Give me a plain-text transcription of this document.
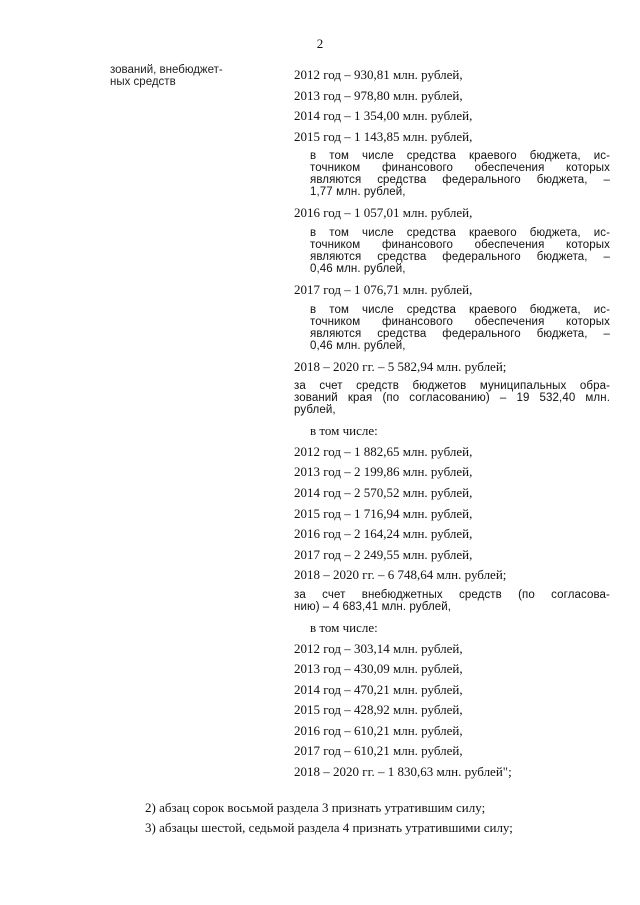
2
зований, внебюджет-
ных средств	2012 год – 930,81 млн. рублей,
2013 год – 978,80 млн. рублей,
2014 год – 1 354,00 млн. рублей,
2015 год – 1 143,85 млн. рублей,
в том числе средства краевого бюджета, ис-
точником финансового обеспечения которых
являются средства федерального бюджета, –
1,77 млн. рублей,
2016 год – 1 057,01 млн. рублей,
в том числе средства краевого бюджета, ис-
точником финансового обеспечения которых
являются средства федерального бюджета, –
0,46 млн. рублей,
2017 год – 1 076,71 млн. рублей,
в том числе средства краевого бюджета, ис-
точником финансового обеспечения которых
являются средства федерального бюджета, –
0,46 млн. рублей,
2018 – 2020 гг. – 5 582,94 млн. рублей;
за счет средств бюджетов муниципальных обра-
зований края (по согласованию) – 19 532,40 млн.
рублей,
в том числе:
2012 год – 1 882,65 млн. рублей,
2013 год – 2 199,86 млн. рублей,
2014 год – 2 570,52 млн. рублей,
2015 год – 1 716,94 млн. рублей,
2016 год – 2 164,24 млн. рублей,
2017 год – 2 249,55 млн. рублей,
2018 – 2020 гг. – 6 748,64 млн. рублей;
за счет внебюджетных средств (по согласова-
нию) – 4 683,41 млн. рублей,
в том числе:
2012 год – 303,14 млн. рублей,
2013 год – 430,09 млн. рублей,
2014 год – 470,21 млн. рублей,
2015 год – 428,92 млн. рублей,
2016 год – 610,21 млн. рублей,
2017 год – 610,21 млн. рублей,
2018 – 2020 гг. – 1 830,63 млн. рублей";
2) абзац сорок восьмой раздела 3 признать утратившим силу;
3) абзацы шестой, седьмой раздела 4 признать утратившими силу;
